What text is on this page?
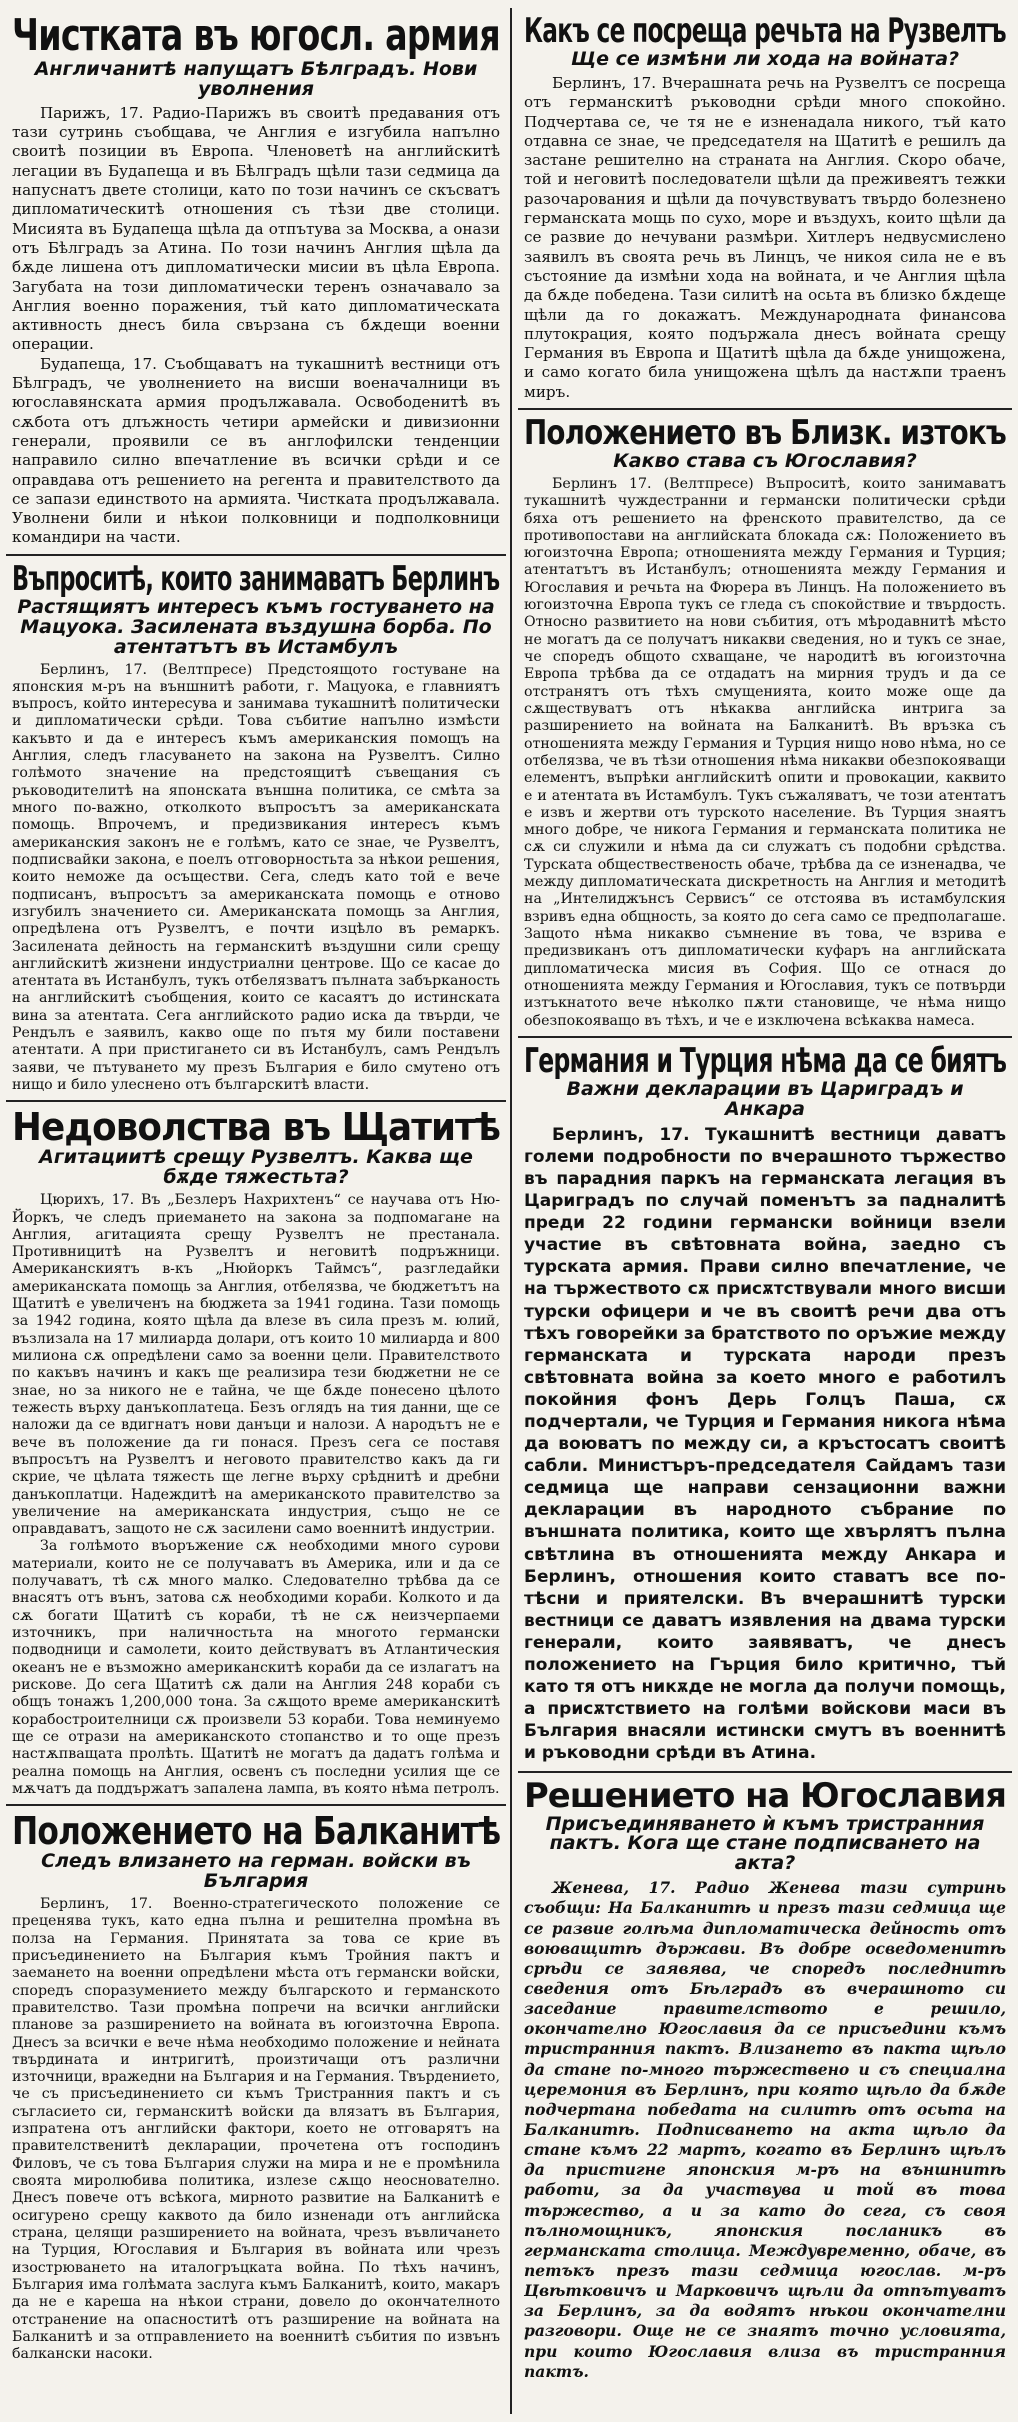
Чистката въ югосл. армия
Англичанитѣ напущатъ Бѣлградъ. Нови уволнения

Парижъ, 17. Радио-Парижъ въ своитѣ предавания отъ тази сутринь съобщава, че Англия е изгубила напълно своитѣ позиции въ Европа. Членоветѣ на английскитѣ легации въ Будапеща и въ Бѣлградъ щѣли тази седмица да напуснатъ двете столици, като по този начинъ се скъсватъ дипломатическитѣ отношения съ тѣзи две столици. Мисията въ Будапеща щѣла да отпътува за Москва, а онази отъ Бѣлградъ за Атина. По този начинъ Англия щѣла да бѫде лишена отъ дипломатически мисии въ цѣла Европа. Загубата на този дипломатически теренъ означавало за Англия военно поражения, тъй като дипломатическата активность днесъ била свързана съ бѫдещи военни операции.

Будапеща, 17. Съобщаватъ на тукашнитѣ вестници отъ Бѣлградъ, че уволнението на висши военачалници въ югославянската армия продължавала. Освободенитѣ въ сѫбота отъ длъжность четири армейски и дивизионни генерали, проявили се въ англофилски тенденции направило силно впечатление въ всички срѣди и се оправдава отъ решението на регента и правителството да се запази единството на армията. Чистката продължавала. Уволнени били и нѣкои полковници и подполковници командири на части.

Въпроситѣ, които занимаватъ Берлинъ
Растящиятъ интересъ къмъ гостуването на Мацуока. Засилената въздушна борба. По атентатътъ въ Истамбулъ

Берлинъ, 17. (Велтпресе) Предстоящото гостуване на японския м-ръ на външнитѣ работи, г. Мацуока, е главниятъ въпросъ, който интересува и занимава тукашнитѣ политически и дипломатически срѣди. Това събитие напълно измѣсти какъвто и да е интересъ къмъ американския помощъ на Англия, следъ гласуването на закона на Рузвелтъ. Силно голѣмото значение на предстоящитѣ съвещания съ ръководителитѣ на японската външна политика, се смѣта за много по-важно, отколкото въпросътъ за американската помощь. Впрочемъ, и предизвикания интересъ къмъ американския законъ не е голѣмъ, като се знае, че Рузвелтъ, подписвайки закона, е поелъ отговорностьта за нѣкои решения, които неможе да осъществи. Сега, следъ като той е вече подписанъ, въпросътъ за американската помощь е отново изгубилъ значението си. Американската помощь за Англия, опредѣлена отъ Рузвелтъ, е почти изцѣло въ ремаркъ. Засилената дейность на германскитѣ въздушни сили срещу английскитѣ жизнени индустриални центрове. Що се касае до атентата въ Истанбулъ, тукъ отбелязватъ пълната забърканость на английскитѣ съобщения, които се касаятъ до истинската вина за атентата. Сега английското радио иска да твърди, че Рендълъ е заявилъ, какво още по пътя му били поставени атентати. А при пристигането си въ Истанбулъ, самъ Рендълъ заяви, че пътуването му презъ България е било смутено отъ нищо и било улеснено отъ българскитѣ власти.

Недоволства въ Щатитѣ
Агитациитѣ срещу Рузвелтъ. Каква ще бѫде тяжестьта?

Цюрихъ, 17. Въ „Безлеръ Нахрихтенъ“ се научава отъ Ню-Йоркъ, че следъ приемането на закона за подпомагане на Англия, агитацията срещу Рузвелтъ не престанала. Противницитѣ на Рузвелтъ и неговитѣ подръжници. Американскиятъ в-къ „Нюйоркъ Таймсъ“, разгледайки американската помощь за Англия, отбелязва, че бюджетътъ на Щатитѣ е увеличенъ на бюджета за 1941 година. Тази помощь за 1942 година, която щѣла да влезе въ сила презъ м. юлий, възлизала на 17 милиарда долари, отъ които 10 милиарда и 800 милиона сѫ опредѣлени само за военни цели. Правителството по какъвъ начинъ и какъ ще реализира тези бюджетни не се знае, но за никого не е тайна, че ще бѫде понесено цѣлото тежесть върху данъкоплатеца. Безъ оглядъ на тия данни, ще се наложи да се вдигнатъ нови данъци и налози. А народътъ не е вече въ положение да ги понася. Презъ сега се поставя въпросътъ на Рузвелтъ и неговото правителство какъ да ги скрие, че цѣлата тяжесть ще легне върху срѣднитѣ и дребни данъкоплатци. Надеждитѣ на американското правителство за увеличение на американската индустрия, също не се оправдаватъ, защото не сѫ засилени само военнитѣ индустрии.

За голѣмото въоръжение сѫ необходими много сурови материали, които не се получаватъ въ Америка, или и да се получаватъ, тѣ сѫ много малко. Следователно трѣбва да се внасятъ отъ вънъ, затова сѫ необходими кораби. Колкото и да сѫ богати Щатитѣ съ кораби, тѣ не сѫ неизчерпаеми източникъ, при наличностьта на многото германски подводници и самолети, които действуватъ въ Атлантическия океанъ не е възможно американскитѣ кораби да се излагатъ на рискове. До сега Щатитѣ сѫ дали на Англия 248 кораби съ общъ тонажъ 1,200,000 тона. За сѫщото време американскитѣ корабостроителници сѫ произвели 53 кораби. Това неминуемо ще се отрази на американското стопанство и то още презъ настѫпващата пролѣть. Щатитѣ не могатъ да дадатъ голѣма и реална помощь на Англия, освенъ съ последни усилия ще се мѫчатъ да поддържатъ запалена лампа, въ която нѣма петролъ.

Положението на Балканитѣ
Следъ влизането на герман. войски въ България

Берлинъ, 17. Военно-стратегическото положение се преценява тукъ, като една пълна и решителна промѣна въ полза на Германия. Принятата за това се крие въ присъединението на България къмъ Тройния пактъ и заемането на военни опредѣлени мѣста отъ германски войски, споредъ споразумението между българското и германското правителство. Тази промѣна попречи на всички английски планове за разширението на войната въ югоизточна Европа. Днесъ за всички е вече нѣма необходимо положение и нейната твърдината и интригитѣ, произтичащи отъ различни източници, вражедни на България и на Германия. Твърдението, че съ присъединението си къмъ Тристранния пактъ и съ съгласието си, германскитѣ войски да влязатъ въ България, изпратена отъ английски фактори, което не отговарятъ на правителственитѣ декларации, прочетена отъ господинъ Филовъ, че съ това България служи на мира и не е промѣнила своята миролюбива политика, излезе сѫщо неоснователно. Днесъ повече отъ всѣкога, мирното развитие на Балканитѣ е осигурено срещу каквото да било изненади отъ английска страна, целящи разширението на войната, чрезъ въвличането на Турция, Югославия и България въ войната или чрезъ изострюването на италогръцката война. По тѣхъ начинъ, България има голѣмата заслуга къмъ Балканитѣ, които, макаръ да не е кареша на нѣкои страни, довело до окончателното отстранение на опасноститѣ отъ разширение на войната на Балканитѣ и за отправлението на военнитѣ събития по извънъ балкански насоки.

Какъ се посреща речьта на Рузвелтъ
Ще се измѣни ли хода на войната?

Берлинъ, 17. Вчерашната речь на Рузвелтъ се посреща отъ германскитѣ ръководни срѣди много спокойно. Подчертава се, че тя не е изненадала никого, тъй като отдавна се знае, че председателя на Щатитѣ е решилъ да застане решително на страната на Англия. Скоро обаче, той и неговитѣ последователи щѣли да преживеятъ тежки разочарования и щѣли да почувствуватъ твърдо болезнено германската мощь по сухо, море и въздухъ, които щѣли да се развие до нечувани размѣри. Хитлеръ недвусмислено заявилъ въ своята речь въ Линцъ, че никоя сила не е въ състояние да измѣни хода на войната, и че Англия щѣла да бѫде победена. Тази силитѣ на осьта въ близко бѫдеще щѣли да го докажатъ. Международната финансова плутокрация, която подържала днесъ войната срещу Германия въ Европа и Щатитѣ щѣла да бѫде унищожена, и само когато била унищожена щѣлъ да настѫпи траенъ миръ.

Положението въ Близк. изтокъ
Какво става съ Югославия?

Берлинъ 17. (Велтпресе) Въпроситѣ, които занимаватъ тукашнитѣ чуждестранни и германски политически срѣди бяха отъ решението на френското правителство, да се противопостави на английската блокада сѫ: Положението въ югоизточна Европа; отношенията между Германия и Турция; атентатътъ въ Истанбулъ; отношенията между Германия и Югославия и речьта на Фюрера въ Линцъ. На положението въ югоизточна Европа тукъ се гледа съ спокойствие и твърдость. Относно развитието на нови събития, отъ мѣродавнитѣ мѣсто не могатъ да се получатъ никакви сведения, но и тукъ се знае, че споредъ общото схващане, че народитѣ въ югоизточна Европа трѣбва да се отдадатъ на мирния трудъ и да се отстранятъ отъ тѣхъ смущенията, които може още да сѫществуватъ отъ нѣкаква английска интрига за разширението на войната на Балканитѣ. Въ връзка съ отношенията между Германия и Турция нищо ново нѣма, но се отбелязва, че въ тѣзи отношения нѣма никакви обезпокояващи елементъ, въпрѣки английскитѣ опити и провокации, каквито е и атентата въ Истамбулъ. Тукъ съжаляватъ, че този атентатъ е извъ и жертви отъ турското население. Въ Турция знаятъ много добре, че никога Германия и германската политика не сѫ си служили и нѣма да си служатъ съ подобни срѣдства. Турската обществественость обаче, трѣбва да се изненадва, че между дипломатическата дискретность на Англия и методитѣ на „Интелиджънсъ Сервисъ“ се отстоява въ истамбулския взривъ една общность, за която до сега само се предполагаше. Защото нѣма никакво съмнение въ това, че взрива е предизвиканъ отъ дипломатически куфаръ на английската дипломатическа мисия въ София. Що се отнася до отношенията между Германия и Югославия, тукъ се потвърди изтъкнатото вече нѣколко пѫти становище, че нѣма нищо обезпокояващо въ тѣхъ, и че е изключена всѣкаква намеса.

Германия и Турция нѣма да се биятъ
Важни декларации въ Цариградъ и Анкара

Берлинъ, 17. Тукашнитѣ вестници даватъ големи подробности по вчерашното тържество въ парадния паркъ на германската легация въ Цариградъ по случай поменътъ за падналитѣ преди 22 години германски войници взели участие въ свѣтовната война, заедно съ турската армия. Прави силно впечатление, че на тържеството сѫ присѫтствували много висши турски офицери и че въ своитѣ речи два отъ тѣхъ говорейки за братството по оръжие между германската и турската народи презъ свѣтовната война за което много е работилъ покойния фонъ Дерь Голцъ Паша, сѫ подчертали, че Турция и Германия никога нѣма да воюватъ по между си, а кръстосатъ своитѣ сабли. Министъръ-председателя Сайдамъ тази седмица ще направи сензационни важни декларации въ народното събрание по външната политика, които ще хвърлятъ пълна свѣтлина въ отношенията между Анкара и Берлинъ, отношения които ставатъ все по-тѣсни и приятелски. Въ вчерашнитѣ турски вестници се даватъ изявления на двама турски генерали, които заявяватъ, че днесъ положението на Гърция било критично, тъй като тя отъ никѫде не могла да получи помощь, а присѫтствието на голѣми войскови маси въ България внасяли истински смутъ въ военнитѣ и ръководни срѣди въ Атина.

Решението на Югославия
Присъединяването ѝ къмъ тристранния пактъ. Кога ще стане подписването на акта?

Женева, 17. Радио Женева тази сутринь съобщи: На Балканитѣ и презъ тази седмица ще се развие голѣма дипломатическа дейность отъ воюващитѣ държави. Въ добре осведоменитѣ срѣди се заявява, че споредъ последнитѣ сведения отъ Бѣлградъ въ вчерашното си заседание правителството е решило, окончателно Югославия да се присъедини къмъ тристранния пактъ. Влизането въ пакта щѣло да стане по-много тържествено и съ специална церемония въ Берлинъ, при която щѣло да бѫде подчертана победата на силитѣ отъ осьта на Балканитѣ. Подписването на акта щѣло да стане къмъ 22 мартъ, когато въ Берлинъ щѣлъ да пристигне японския м-ръ на външнитѣ работи, за да участвува и той въ това тържество, а и за като до сега, съ своя пълномощникъ, японския посланикъ въ германската столица. Междувременно, обаче, въ петъкъ презъ тази седмица югослав. м-ръ Цвѣтковичъ и Марковичъ щѣли да отпътуватъ за Берлинъ, за да водятъ нѣкои окончателни разговори. Още не се знаятъ точно условията, при които Югославия влиза въ тристранния пактъ.
